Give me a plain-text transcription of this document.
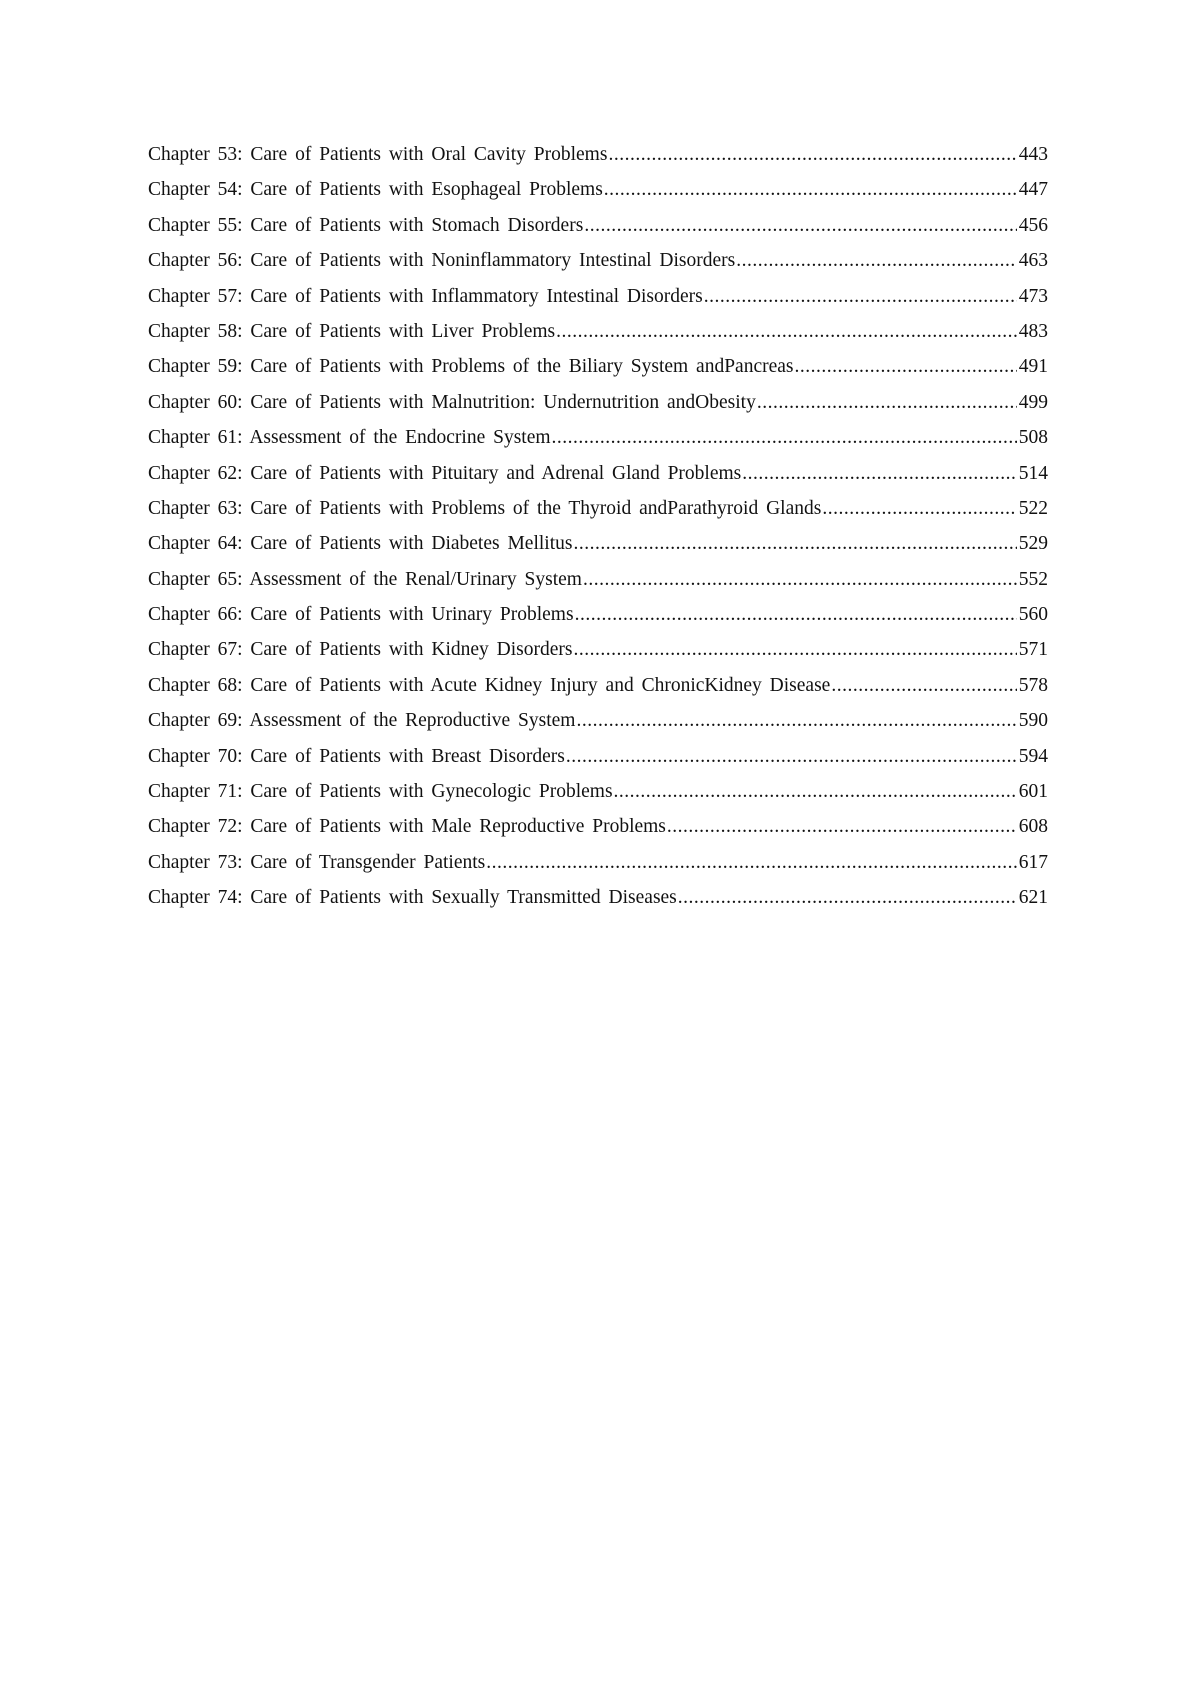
Chapter 53: Care of Patients with Oral Cavity Problems .....	443
Chapter 54: Care of Patients with Esophageal Problems .....	447
Chapter 55: Care of Patients with Stomach Disorders .....	456
Chapter 56: Care of Patients with Noninflammatory Intestinal Disorders .....	463
Chapter 57: Care of Patients with Inflammatory Intestinal Disorders .....	473
Chapter 58: Care of Patients with Liver Problems .....	483
Chapter 59: Care of Patients with Problems of the Biliary System andPancreas .....	491
Chapter 60: Care of Patients with Malnutrition: Undernutrition andObesity .....	499
Chapter 61: Assessment of the Endocrine System .....	508
Chapter 62: Care of Patients with Pituitary and Adrenal Gland Problems .....	514
Chapter 63: Care of Patients with Problems of the Thyroid andParathyroid Glands .....	522
Chapter 64: Care of Patients with Diabetes Mellitus .....	529
Chapter 65: Assessment of the Renal/Urinary System .....	552
Chapter 66: Care of Patients with Urinary Problems .....	560
Chapter 67: Care of Patients with Kidney Disorders .....	571
Chapter 68: Care of Patients with Acute Kidney Injury and ChronicKidney Disease .....	578
Chapter 69: Assessment of the Reproductive System .....	590
Chapter 70: Care of Patients with Breast Disorders .....	594
Chapter 71: Care of Patients with Gynecologic Problems .....	601
Chapter 72: Care of Patients with Male Reproductive Problems .....	608
Chapter 73: Care of Transgender Patients .....	617
Chapter 74: Care of Patients with Sexually Transmitted Diseases .....	621
